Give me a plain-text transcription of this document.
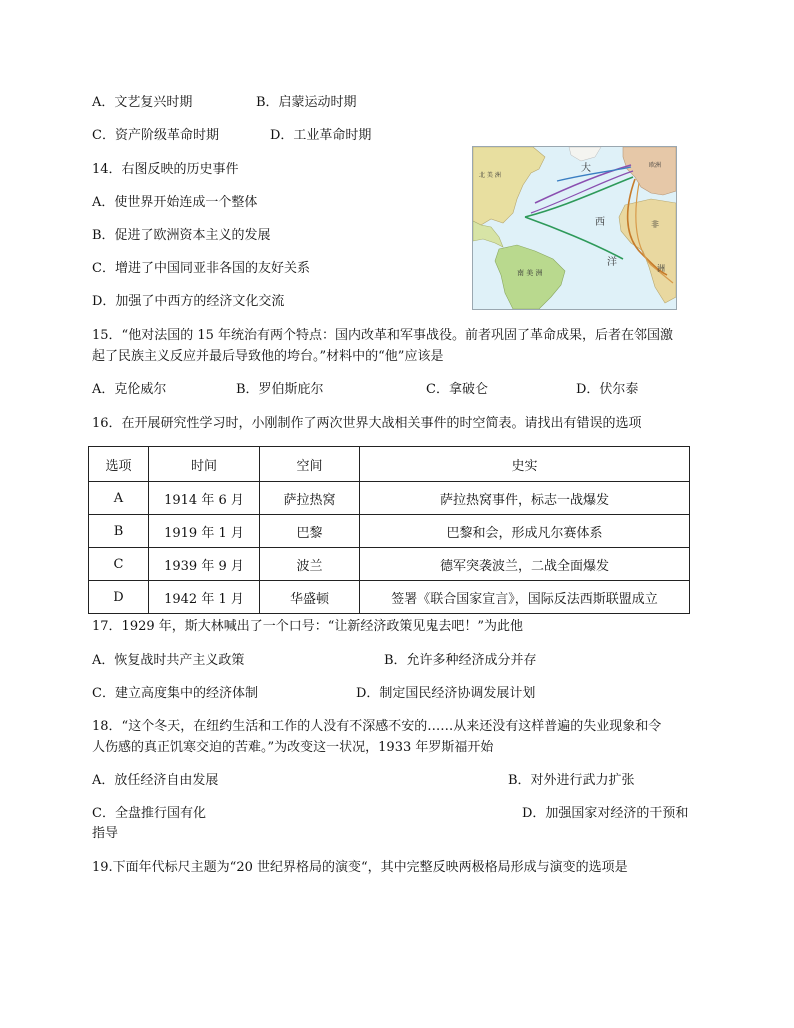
A．文艺复兴时期	B．启蒙运动时期
C．资产阶级革命时期	D．工业革命时期
14．右图反映的历史事件
A．使世界开始连成一个整体
B．促进了欧洲资本主义的发展
C．增进了中国同亚非各国的友好关系
D．加强了中西方的经济文化交流
大
西
洋
北 美 洲
南 美 洲
非
洲
欧洲
15．“他对法国的 15 年统治有两个特点：国内改革和军事战役。前者巩固了革命成果，后者在邻国激
起了民族主义反应并最后导致他的垮台。”材料中的“他”应该是
A．克伦威尔	B．罗伯斯庇尔	C．拿破仑	D．伏尔泰
16．在开展研究性学习时，小刚制作了两次世界大战相关事件的时空简表。请找出有错误的选项
选项	时间	空间	史实
A	1914 年 6 月	萨拉热窝	萨拉热窝事件，标志一战爆发
B	1919 年 1 月	巴黎	巴黎和会，形成凡尔赛体系
C	1939 年 9 月	波兰	德军突袭波兰，二战全面爆发
D	1942 年 1 月	华盛顿	签署《联合国家宣言》，国际反法西斯联盟成立
17．1929 年，斯大林喊出了一个口号：“让新经济政策见鬼去吧！”为此他
A．恢复战时共产主义政策	B．允许多种经济成分并存
C．建立高度集中的经济体制	D．制定国民经济协调发展计划
18．“这个冬天，在纽约生活和工作的人没有不深感不安的……从来还没有这样普遍的失业现象和令
人伤感的真正饥寒交迫的苦难。”为改变这一状况，1933 年罗斯福开始
A．放任经济自由发展	B．对外进行武力扩张
C．全盘推行国有化	D．加强国家对经济的干预和
指导
19.下面年代标尺主题为“20 世纪界格局的演变“，其中完整反映两极格局形成与演变的选项是
